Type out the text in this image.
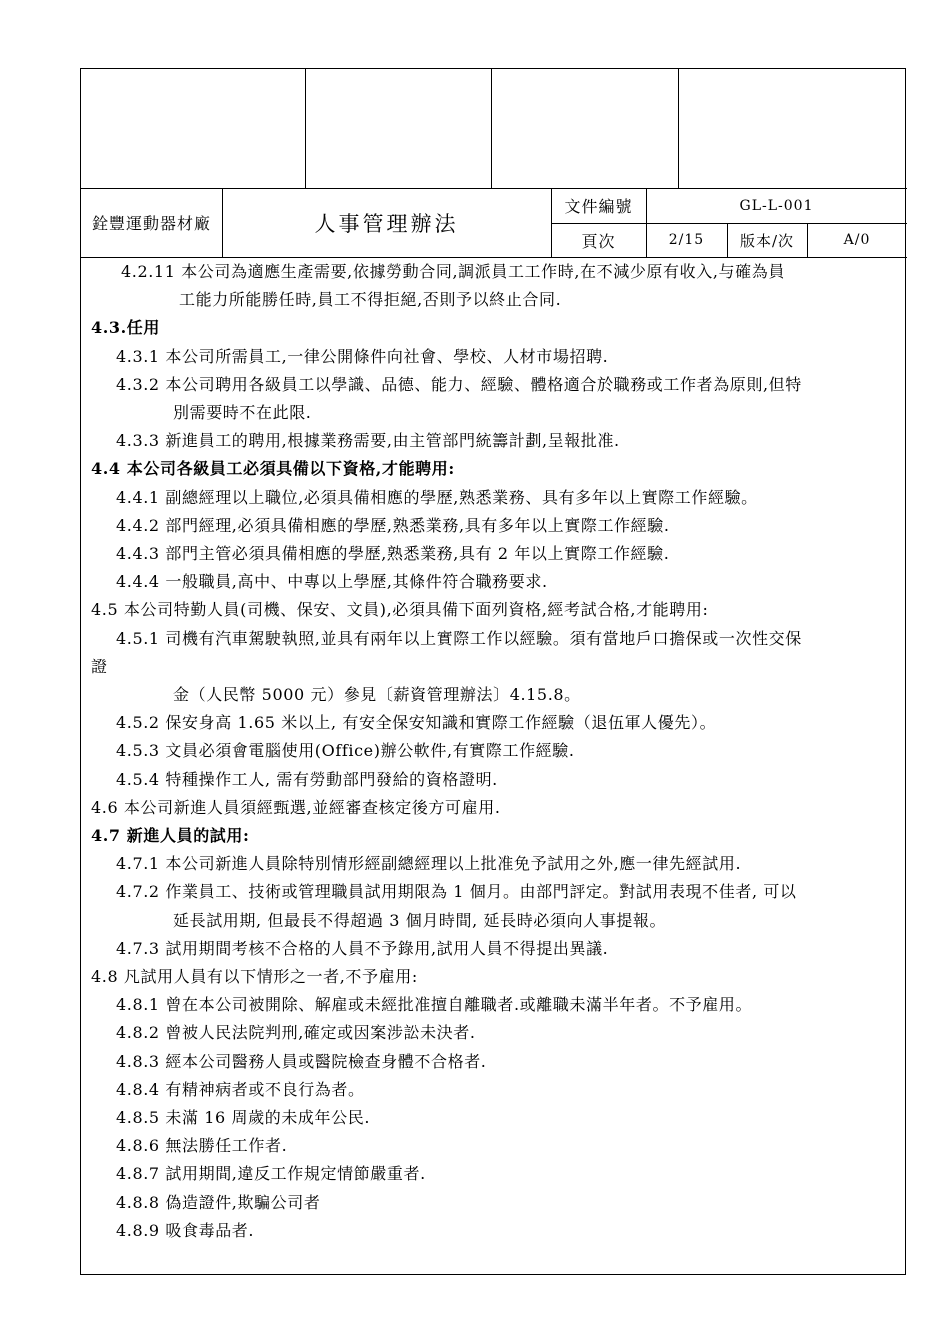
銓豐運動器材廠	人事管理辦法
文件編號	GL-L-001
頁次	2/15	版本/次	A/0
4.2.11 本公司為適應生產需要,依據勞動合同,調派員工工作時,在不減少原有收入,与確為員
工能力所能勝任時,員工不得拒絕,否則予以終止合同.
4.3.任用
4.3.1 本公司所需員工,一律公開條件向社會、學校、人材市場招聘.
4.3.2 本公司聘用各級員工以學識、品德、能力、經驗、體格適合於職務或工作者為原則,但特
別需要時不在此限.
4.3.3 新進員工的聘用,根據業務需要,由主管部門統籌計劃,呈報批准.
4.4 本公司各級員工必須具備以下資格,才能聘用:
4.4.1 副總經理以上職位,必須具備相應的學歷,熟悉業務、具有多年以上實際工作經驗。
4.4.2 部門經理,必須具備相應的學歷,熟悉業務,具有多年以上實際工作經驗.
4.4.3 部門主管必須具備相應的學歷,熟悉業務,具有 2 年以上實際工作經驗.
4.4.4 一般職員,高中、中專以上學歷,其條件符合職務要求.
4.5 本公司特勤人員(司機、保安、文員),必須具備下面列資格,經考試合格,才能聘用:
4.5.1 司機有汽車駕駛執照,並具有兩年以上實際工作以經驗。須有當地戶口擔保或一次性交保
證
金（人民幣 5000 元）參見〔薪資管理辦法〕4.15.8。
4.5.2 保安身高 1.65 米以上, 有安全保安知識和實際工作經驗（退伍軍人優先）。
4.5.3 文員必須會電腦使用(Office)辦公軟件,有實際工作經驗.
4.5.4 特種操作工人, 需有勞動部門發給的資格證明.
4.6 本公司新進人員須經甄選,並經審查核定後方可雇用.
4.7 新進人員的試用:
4.7.1 本公司新進人員除特別情形經副總經理以上批准免予試用之外,應一律先經試用.
4.7.2 作業員工、技術或管理職員試用期限為 1 個月。由部門評定。對試用表現不佳者, 可以
延長試用期, 但最長不得超過 3 個月時間, 延長時必須向人事提報。
4.7.3 試用期間考核不合格的人員不予錄用,試用人員不得提出異議.
4.8 凡試用人員有以下情形之一者,不予雇用:
4.8.1 曾在本公司被開除、解雇或未經批准擅自離職者.或離職未滿半年者。不予雇用。
4.8.2 曾被人民法院判刑,確定或因案涉訟未決者.
4.8.3 經本公司醫務人員或醫院檢查身體不合格者.
4.8.4 有精神病者或不良行為者。
4.8.5 未滿 16 周歲的未成年公民.
4.8.6 無法勝任工作者.
4.8.7 試用期間,違反工作規定情節嚴重者.
4.8.8 偽造證件,欺騙公司者
4.8.9 吸食毒品者.
